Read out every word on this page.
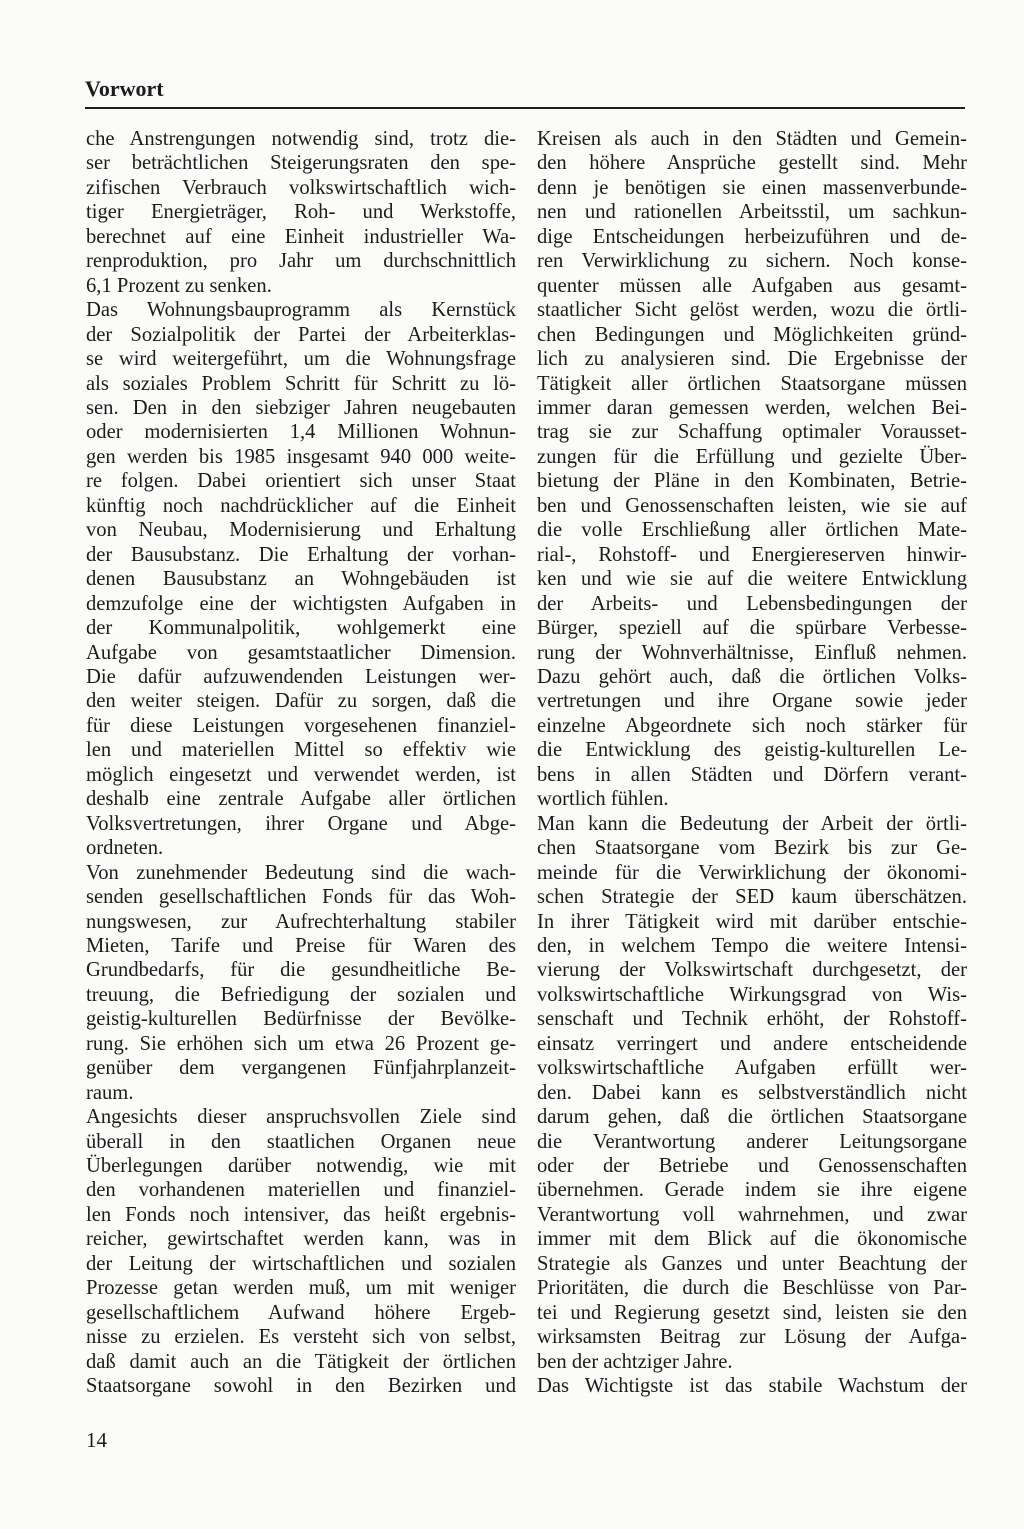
Vorwort
che Anstrengungen notwendig sind, trotz die-
ser beträchtlichen Steigerungsraten den spe-
zifischen Verbrauch volkswirtschaftlich wich-
tiger Energieträger, Roh- und Werkstoffe,
berechnet auf eine Einheit industrieller Wa-
renproduktion, pro Jahr um durchschnittlich
6,1 Prozent zu senken.
Das Wohnungsbauprogramm als Kernstück
der Sozialpolitik der Partei der Arbeiterklas-
se wird weitergeführt, um die Wohnungsfrage
als soziales Problem Schritt für Schritt zu lö-
sen. Den in den siebziger Jahren neugebauten
oder modernisierten 1,4 Millionen Wohnun-
gen werden bis 1985 insgesamt 940 000 weite-
re folgen. Dabei orientiert sich unser Staat
künftig noch nachdrücklicher auf die Einheit
von Neubau, Modernisierung und Erhaltung
der Bausubstanz. Die Erhaltung der vorhan-
denen Bausubstanz an Wohngebäuden ist
demzufolge eine der wichtigsten Aufgaben in
der Kommunalpolitik, wohlgemerkt eine
Aufgabe von gesamtstaatlicher Dimension.
Die dafür aufzuwendenden Leistungen wer-
den weiter steigen. Dafür zu sorgen, daß die
für diese Leistungen vorgesehenen finanziel-
len und materiellen Mittel so effektiv wie
möglich eingesetzt und verwendet werden, ist
deshalb eine zentrale Aufgabe aller örtlichen
Volksvertretungen, ihrer Organe und Abge-
ordneten.
Von zunehmender Bedeutung sind die wach-
senden gesellschaftlichen Fonds für das Woh-
nungswesen, zur Aufrechterhaltung stabiler
Mieten, Tarife und Preise für Waren des
Grundbedarfs, für die gesundheitliche Be-
treuung, die Befriedigung der sozialen und
geistig-kulturellen Bedürfnisse der Bevölke-
rung. Sie erhöhen sich um etwa 26 Prozent ge-
genüber dem vergangenen Fünfjahrplanzeit-
raum.
Angesichts dieser anspruchsvollen Ziele sind
überall in den staatlichen Organen neue
Überlegungen darüber notwendig, wie mit
den vorhandenen materiellen und finanziel-
len Fonds noch intensiver, das heißt ergebnis-
reicher, gewirtschaftet werden kann, was in
der Leitung der wirtschaftlichen und sozialen
Prozesse getan werden muß, um mit weniger
gesellschaftlichem Aufwand höhere Ergeb-
nisse zu erzielen. Es versteht sich von selbst,
daß damit auch an die Tätigkeit der örtlichen
Staatsorgane sowohl in den Bezirken und
Kreisen als auch in den Städten und Gemein-
den höhere Ansprüche gestellt sind. Mehr
denn je benötigen sie einen massenverbunde-
nen und rationellen Arbeitsstil, um sachkun-
dige Entscheidungen herbeizuführen und de-
ren Verwirklichung zu sichern. Noch konse-
quenter müssen alle Aufgaben aus gesamt-
staatlicher Sicht gelöst werden, wozu die örtli-
chen Bedingungen und Möglichkeiten gründ-
lich zu analysieren sind. Die Ergebnisse der
Tätigkeit aller örtlichen Staatsorgane müssen
immer daran gemessen werden, welchen Bei-
trag sie zur Schaffung optimaler Vorausset-
zungen für die Erfüllung und gezielte Über-
bietung der Pläne in den Kombinaten, Betrie-
ben und Genossenschaften leisten, wie sie auf
die volle Erschließung aller örtlichen Mate-
rial-, Rohstoff- und Energiereserven hinwir-
ken und wie sie auf die weitere Entwicklung
der Arbeits- und Lebensbedingungen der
Bürger, speziell auf die spürbare Verbesse-
rung der Wohnverhältnisse, Einfluß nehmen.
Dazu gehört auch, daß die örtlichen Volks-
vertretungen und ihre Organe sowie jeder
einzelne Abgeordnete sich noch stärker für
die Entwicklung des geistig-kulturellen Le-
bens in allen Städten und Dörfern verant-
wortlich fühlen.
Man kann die Bedeutung der Arbeit der örtli-
chen Staatsorgane vom Bezirk bis zur Ge-
meinde für die Verwirklichung der ökonomi-
schen Strategie der SED kaum überschätzen.
In ihrer Tätigkeit wird mit darüber entschie-
den, in welchem Tempo die weitere Intensi-
vierung der Volkswirtschaft durchgesetzt, der
volkswirtschaftliche Wirkungsgrad von Wis-
senschaft und Technik erhöht, der Rohstoff-
einsatz verringert und andere entscheidende
volkswirtschaftliche Aufgaben erfüllt wer-
den. Dabei kann es selbstverständlich nicht
darum gehen, daß die örtlichen Staatsorgane
die Verantwortung anderer Leitungsorgane
oder der Betriebe und Genossenschaften
übernehmen. Gerade indem sie ihre eigene
Verantwortung voll wahrnehmen, und zwar
immer mit dem Blick auf die ökonomische
Strategie als Ganzes und unter Beachtung der
Prioritäten, die durch die Beschlüsse von Par-
tei und Regierung gesetzt sind, leisten sie den
wirksamsten Beitrag zur Lösung der Aufga-
ben der achtziger Jahre.
Das Wichtigste ist das stabile Wachstum der
14
